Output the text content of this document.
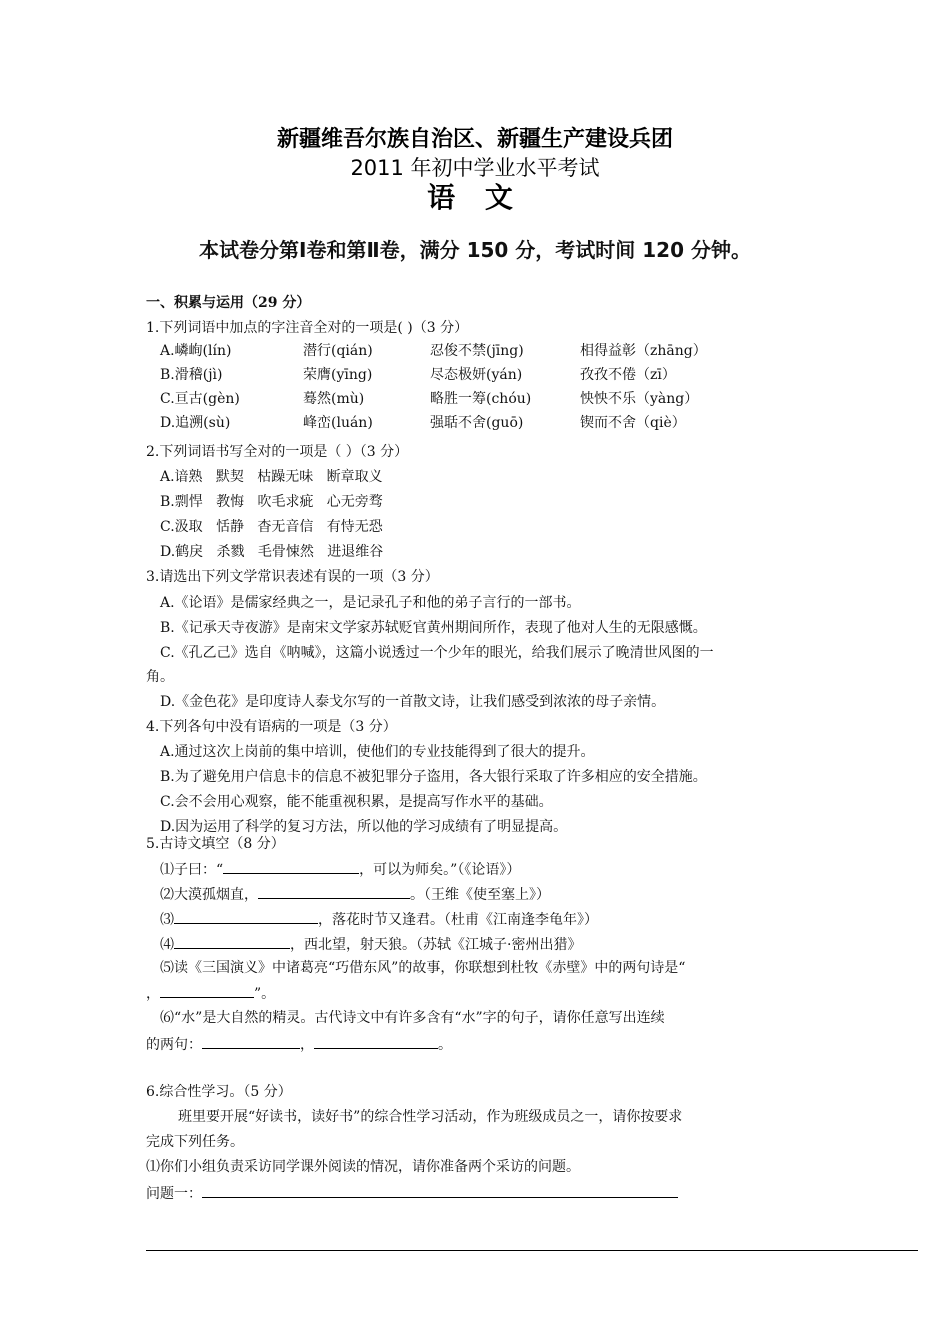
新疆维吾尔族自治区、新疆生产建设兵团
2011 年初中学业水平考试
语 文
本试卷分第Ⅰ卷和第Ⅱ卷，满分 150 分，考试时间 120 分钟。
一、积累与运用（29 分）
1.下列词语中加点的字注音全对的一项是( )（3 分）
A.嶙峋(lín)	潜行(qián)	忍俊不禁(jīng)	相得益彰（zhāng）
B.滑稽(jì)	荣膺(yīng)	尽态极妍(yán)	孜孜不倦（zī）
C.亘古(gèn)	蓦然(mù)	略胜一筹(chóu)	怏怏不乐（yàng）
D.追溯(sù)	峰峦(luán)	强聒不舍(guō)	锲而不舍（qiè）
2.下列词语书写全对的一项是（ ）（3 分）
A.谙熟   默契   枯躁无味   断章取义
B.剽悍   教悔   吹毛求疵   心无旁骛
C.汲取   恬静   杳无音信   有恃无恐
D.鹤戾   杀戮   毛骨悚然   进退维谷
3.请选出下列文学常识表述有误的一项（3 分）
A.《论语》是儒家经典之一，是记录孔子和他的弟子言行的一部书。
B.《记承天寺夜游》是南宋文学家苏轼贬官黄州期间所作，表现了他对人生的无限感慨。
C.《孔乙己》选自《呐喊》，这篇小说透过一个少年的眼光，给我们展示了晚清世风图的一
角。
D.《金色花》是印度诗人泰戈尔写的一首散文诗，让我们感受到浓浓的母子亲情。
4.下列各句中没有语病的一项是（3 分）
A.通过这次上岗前的集中培训，使他们的专业技能得到了很大的提升。
B.为了避免用户信息卡的信息不被犯罪分子盗用，各大银行采取了许多相应的安全措施。
C.会不会用心观察，能不能重视积累，是提高写作水平的基础。
D.因为运用了科学的复习方法，所以他的学习成绩有了明显提高。
5.古诗文填空（8 分）
⑴子曰：“	，可以为师矣。”（《论语》）
⑵大漠孤烟直，	。（王维《使至塞上》）
⑶	，落花时节又逢君。（杜甫《江南逢李龟年》）
⑷	，西北望，射天狼。（苏轼《江城子·密州出猎》
⑸读《三国演义》中诸葛亮“巧借东风”的故事，你联想到杜牧《赤壁》中的两句诗是“
，	”。
⑹“水”是大自然的精灵。古代诗文中有许多含有“水”字的句子，请你任意写出连续
的两句：	，	。
6.综合性学习。（5 分）
班里要开展“好读书，读好书”的综合性学习活动，作为班级成员之一，请你按要求
完成下列任务。
⑴你们小组负责采访同学课外阅读的情况，请你准备两个采访的问题。
问题一：
